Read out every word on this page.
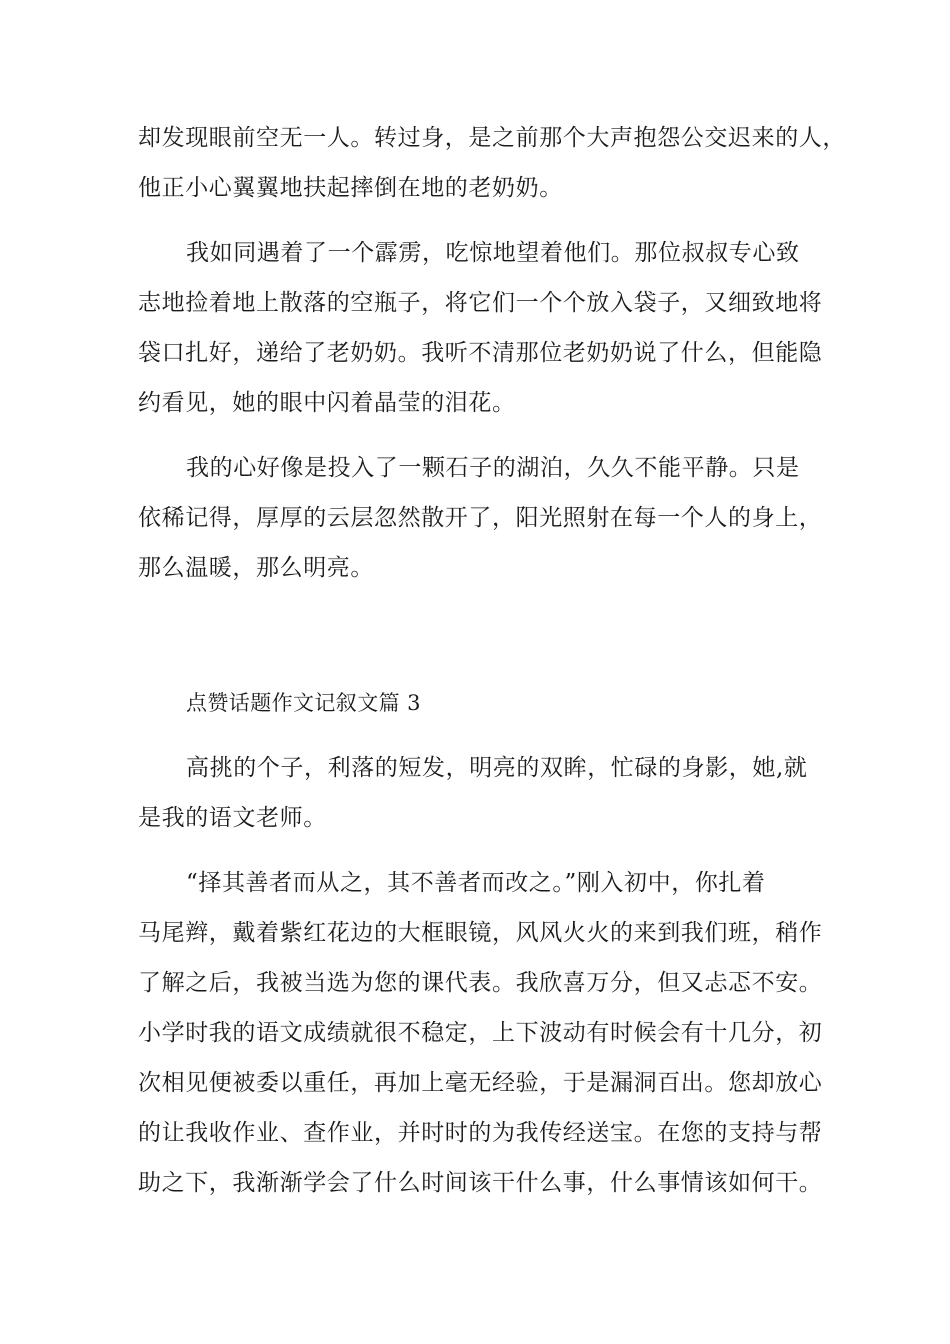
却发现眼前空无一人。转过身，是之前那个大声抱怨公交迟来的人，
他正小心翼翼地扶起摔倒在地的老奶奶。
我如同遇着了一个霹雳，吃惊地望着他们。那位叔叔专心致
志地捡着地上散落的空瓶子，将它们一个个放入袋子，又细致地将
袋口扎好，递给了老奶奶。我听不清那位老奶奶说了什么，但能隐
约看见，她的眼中闪着晶莹的泪花。
我的心好像是投入了一颗石子的湖泊，久久不能平静。只是
依稀记得，厚厚的云层忽然散开了，阳光照射在每一个人的身上，
那么温暖，那么明亮。
点赞话题作文记叙文篇 3
高挑的个子，利落的短发，明亮的双眸，忙碌的身影，她,就
是我的语文老师。
“择其善者而从之，其不善者而改之。”刚入初中，你扎着
马尾辫，戴着紫红花边的大框眼镜，风风火火的来到我们班，稍作
了解之后，我被当选为您的课代表。我欣喜万分，但又忐忑不安。
小学时我的语文成绩就很不稳定，上下波动有时候会有十几分，初
次相见便被委以重任，再加上毫无经验，于是漏洞百出。您却放心
的让我收作业、查作业，并时时的为我传经送宝。在您的支持与帮
助之下，我渐渐学会了什么时间该干什么事，什么事情该如何干。
